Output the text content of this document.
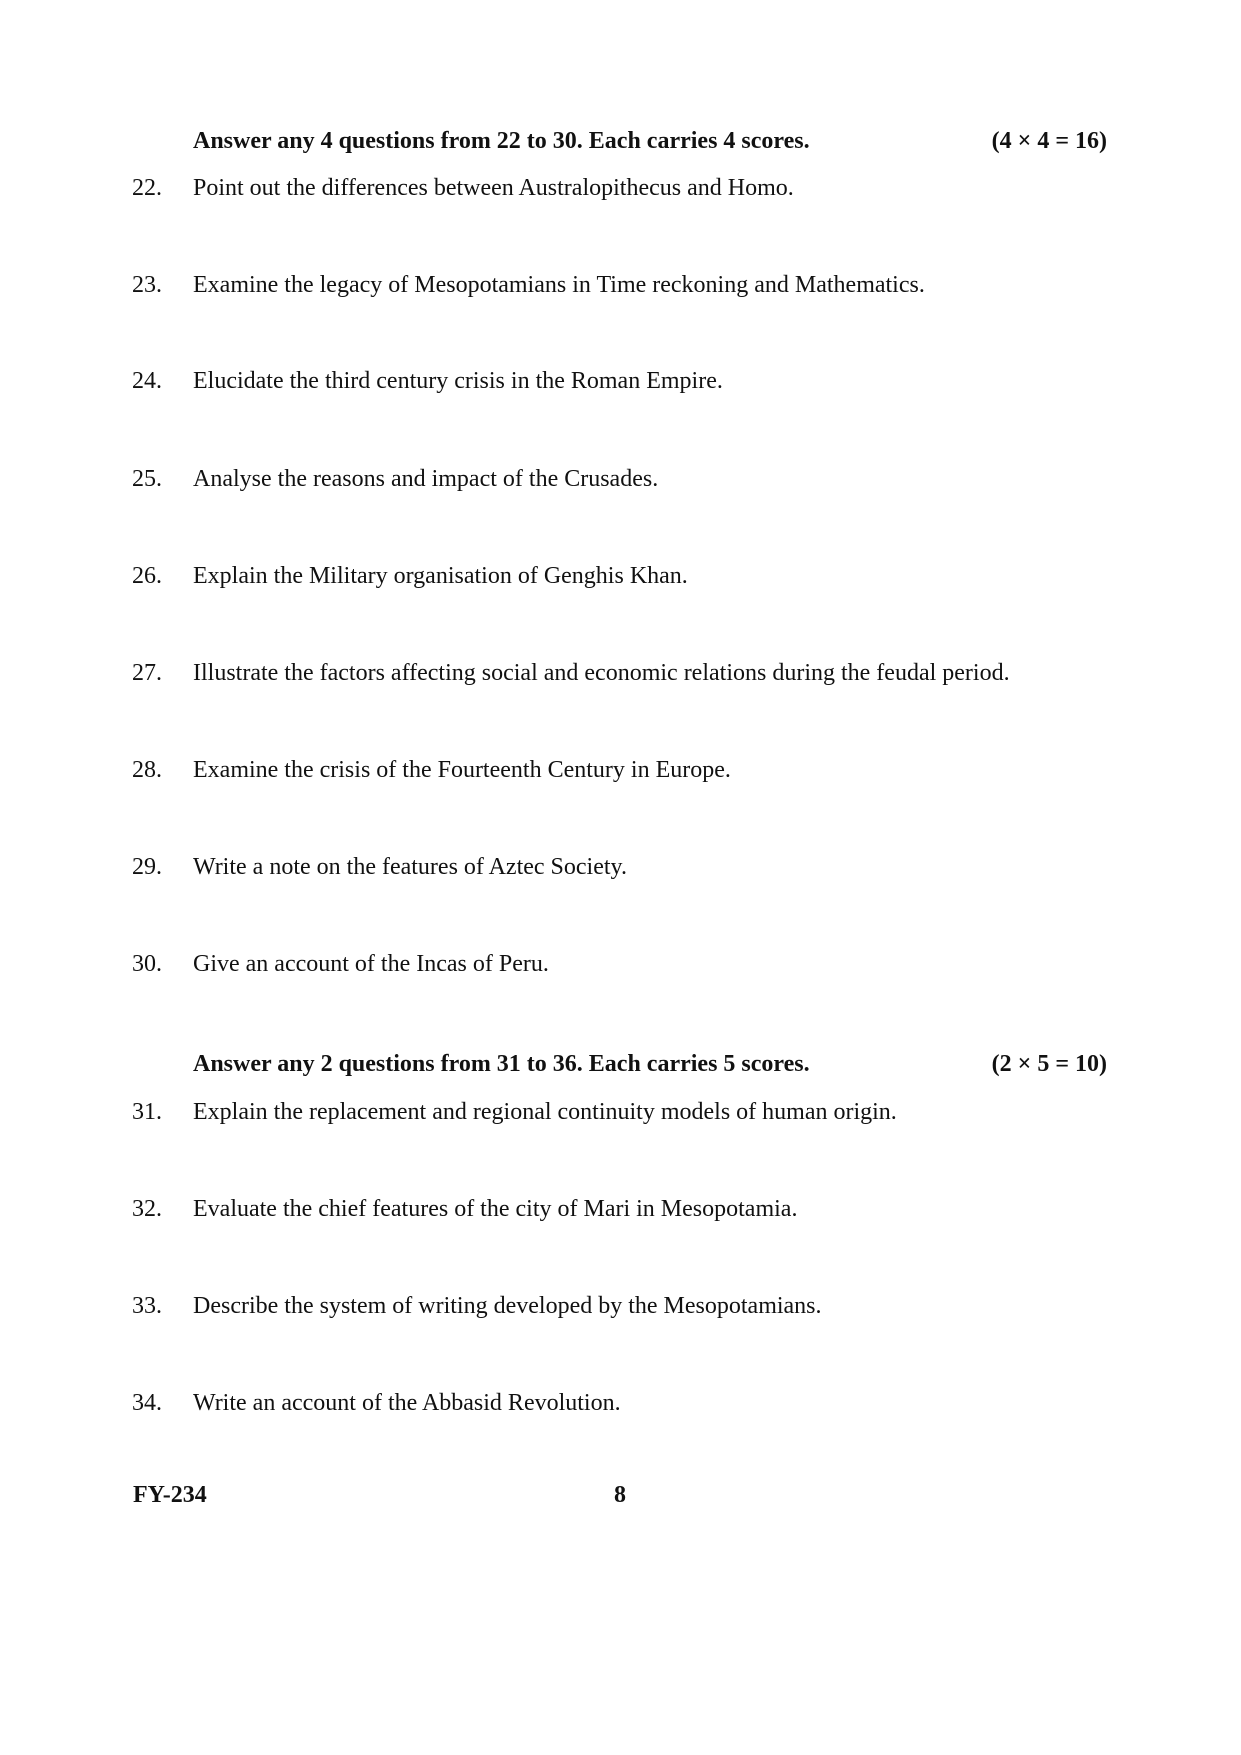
Answer any 4 questions from 22 to 30. Each carries 4 scores.	(4 × 4 = 16)
22. Point out the differences between Australopithecus and Homo.
23. Examine the legacy of Mesopotamians in Time reckoning and Mathematics.
24. Elucidate the third century crisis in the Roman Empire.
25. Analyse the reasons and impact of the Crusades.
26. Explain the Military organisation of Genghis Khan.
27. Illustrate the factors affecting social and economic relations during the feudal period.
28. Examine the crisis of the Fourteenth Century in Europe.
29. Write a note on the features of Aztec Society.
30. Give an account of the Incas of Peru.
Answer any 2 questions from 31 to 36. Each carries 5 scores.	(2 × 5 = 10)
31. Explain the replacement and regional continuity models of human origin.
32. Evaluate the chief features of the city of Mari in Mesopotamia.
33. Describe the system of writing developed by the Mesopotamians.
34. Write an account of the Abbasid Revolution.
FY-234	8
